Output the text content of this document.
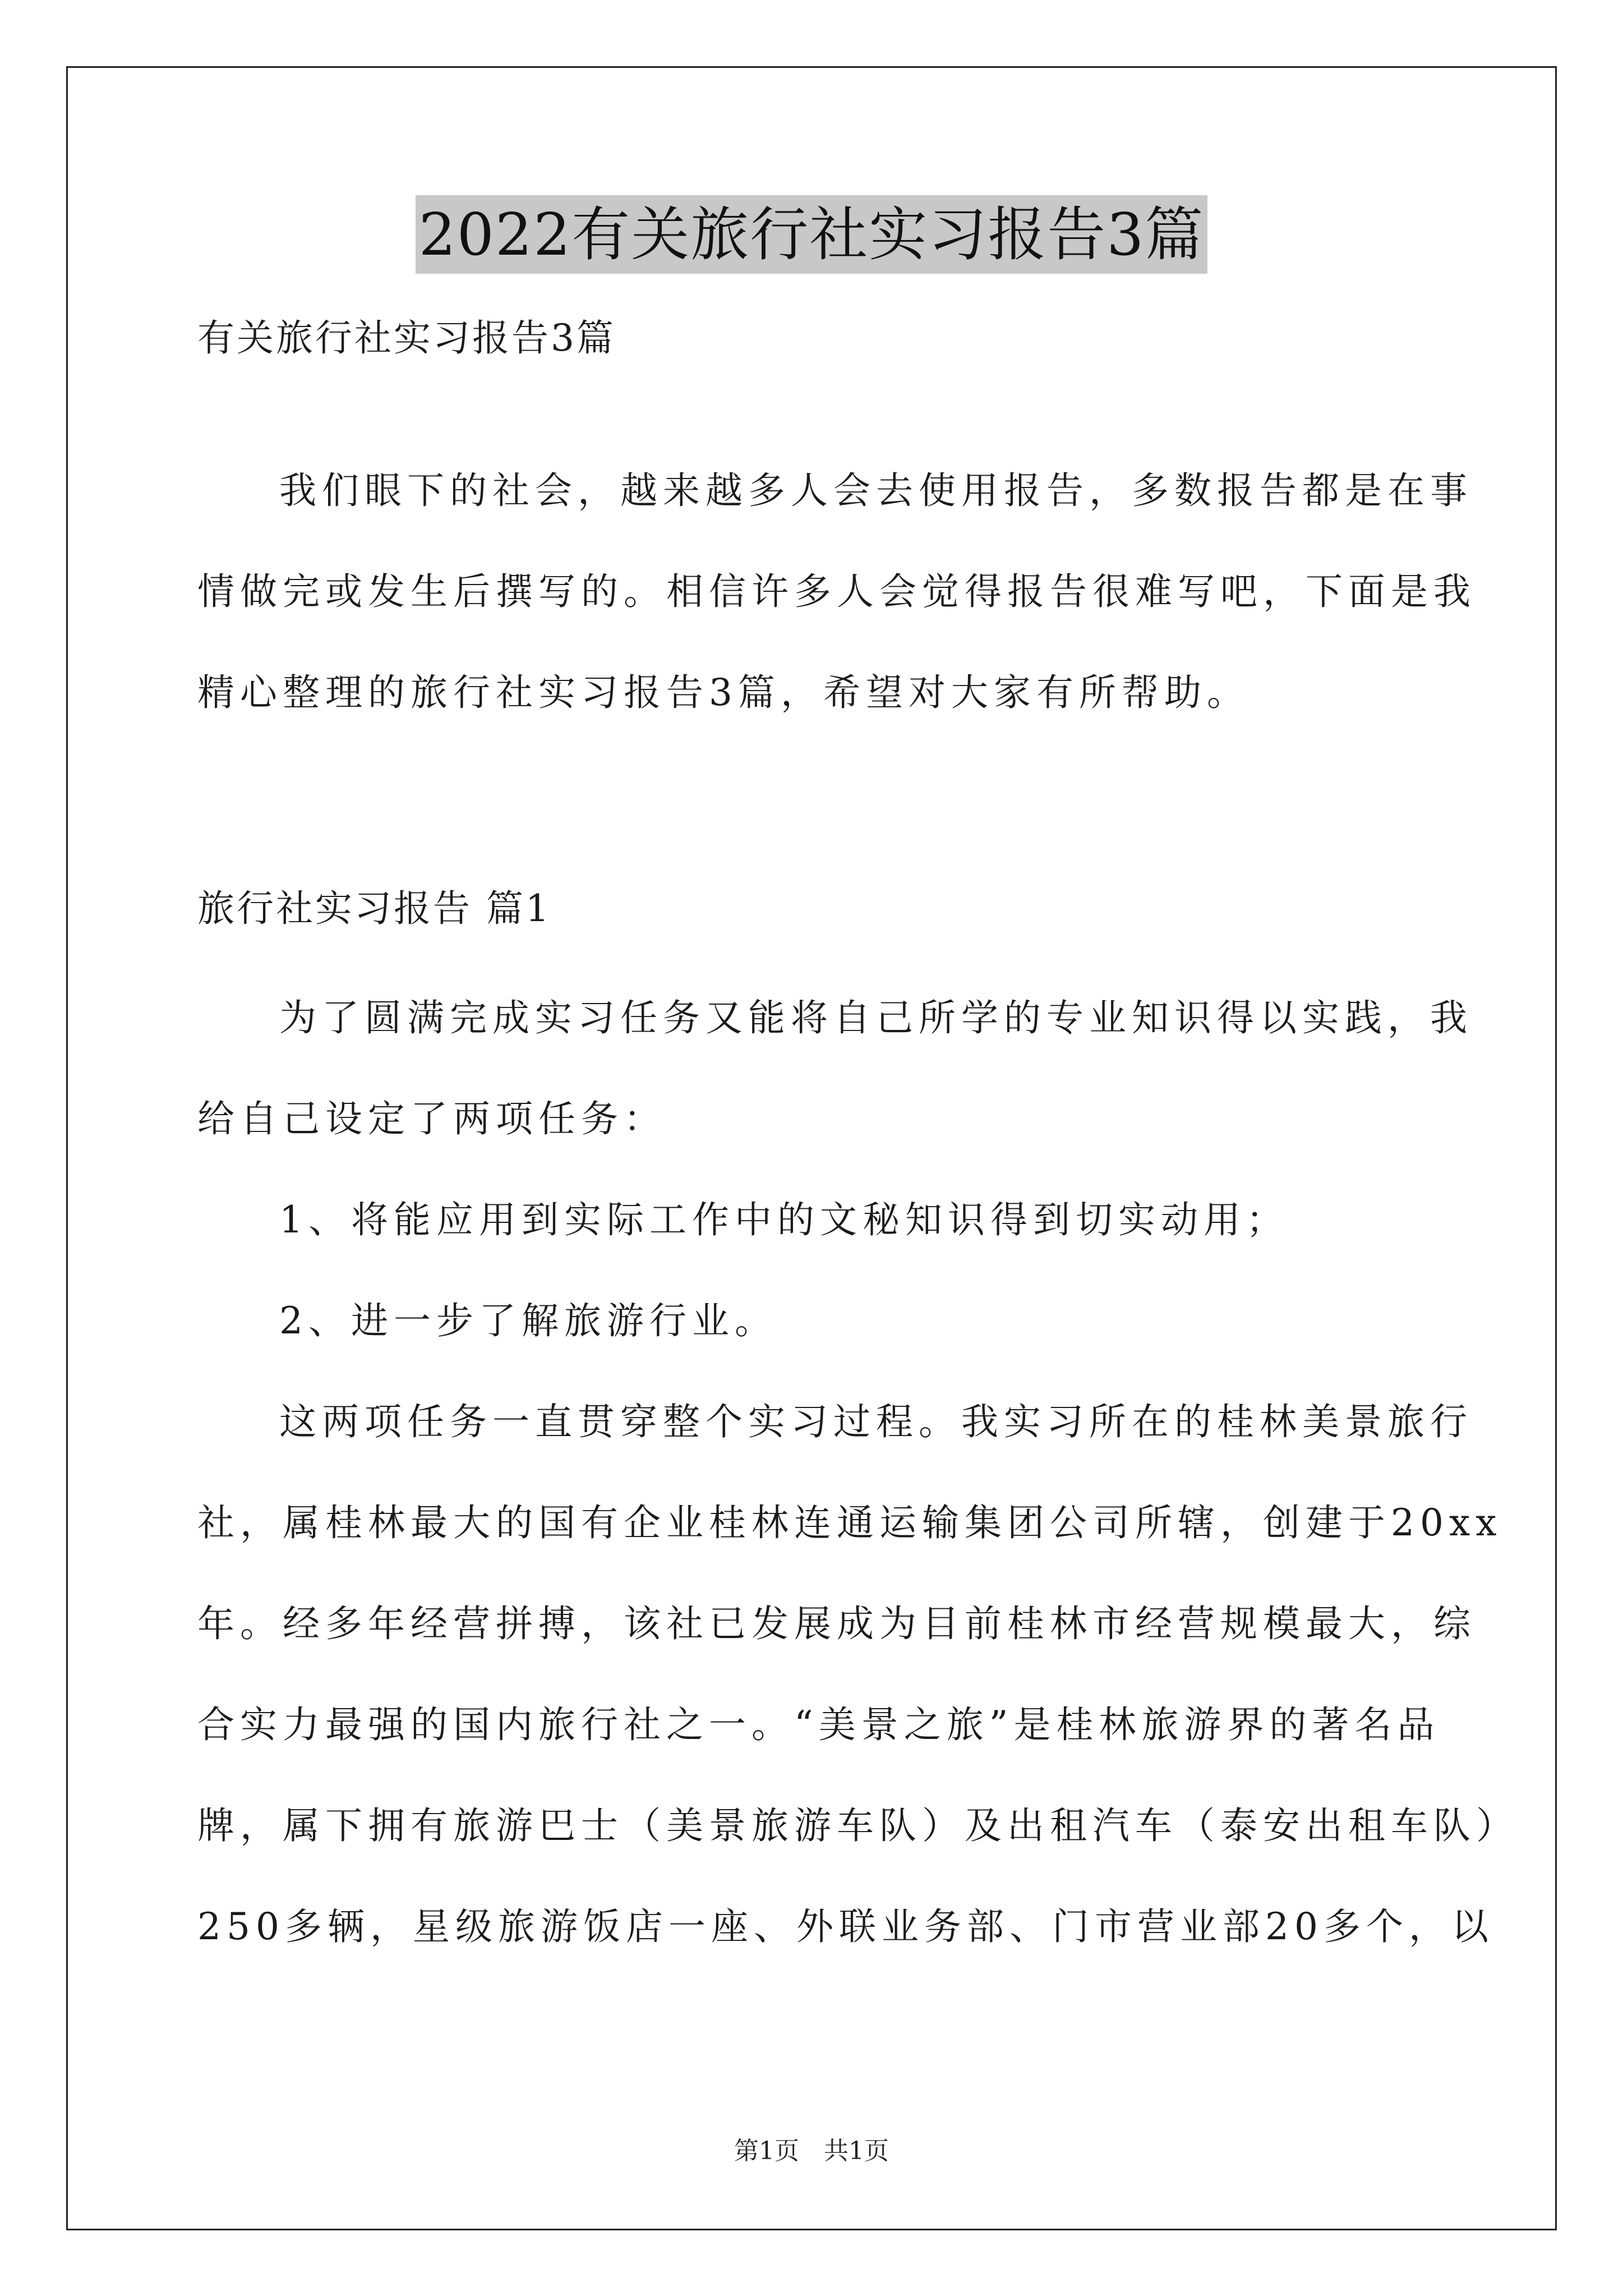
2022有关旅行社实习报告3篇
有关旅行社实习报告3篇
我们眼下的社会，越来越多人会去使用报告，多数报告都是在事
情做完或发生后撰写的。相信许多人会觉得报告很难写吧，下面是我
精心整理的旅行社实习报告3篇，希望对大家有所帮助。
旅行社实习报告 篇1
为了圆满完成实习任务又能将自己所学的专业知识得以实践，我
给自己设定了两项任务：
1、将能应用到实际工作中的文秘知识得到切实动用；
2、进一步了解旅游行业。
这两项任务一直贯穿整个实习过程。我实习所在的桂林美景旅行
社，属桂林最大的国有企业桂林连通运输集团公司所辖，创建于20xx
年。经多年经营拼搏，该社已发展成为目前桂林市经营规模最大，综
合实力最强的国内旅行社之一。“美景之旅”是桂林旅游界的著名品
牌，属下拥有旅游巴士（美景旅游车队）及出租汽车（泰安出租车队）
250多辆，星级旅游饭店一座、外联业务部、门市营业部20多个，以
第1页　共1页
